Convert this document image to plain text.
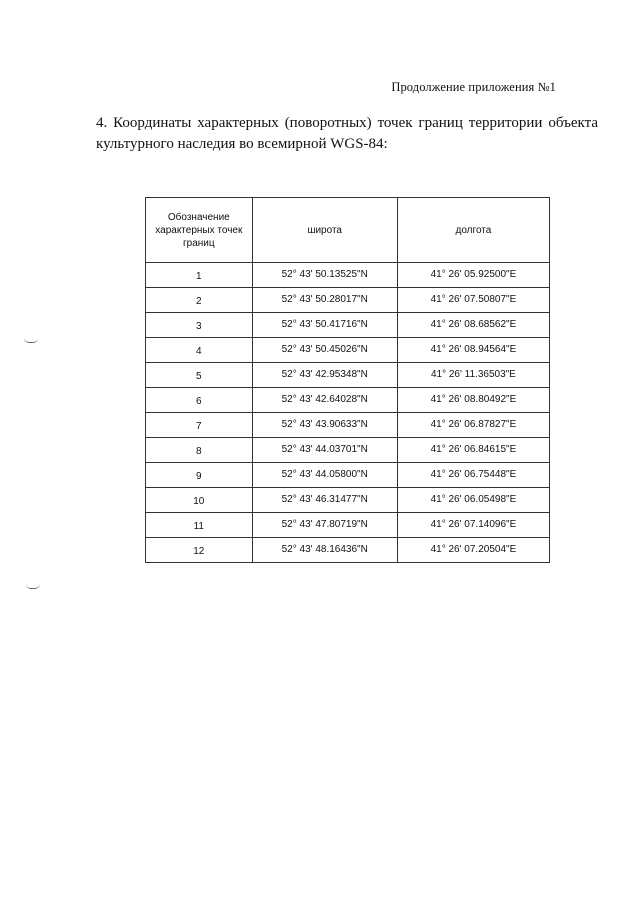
Продолжение приложения №1
4. Координаты характерных (поворотных) точек границ территории объекта культурного наследия во всемирной WGS-84:
Обозначение характерных точек границ	широта	долгота
1	52° 43' 50.13525"N	41° 26' 05.92500"E
2	52° 43' 50.28017"N	41° 26' 07.50807"E
3	52° 43' 50.41716"N	41° 26' 08.68562"E
4	52° 43' 50.45026"N	41° 26' 08.94564"E
5	52° 43' 42.95348"N	41° 26' 11.36503"E
6	52° 43' 42.64028"N	41° 26' 08.80492"E
7	52° 43' 43.90633"N	41° 26' 06.87827"E
8	52° 43' 44.03701"N	41° 26' 06.84615"E
9	52° 43' 44.05800"N	41° 26' 06.75448"E
10	52° 43' 46.31477"N	41° 26' 06.05498"E
11	52° 43' 47.80719"N	41° 26' 07.14096"E
12	52° 43' 48.16436"N	41° 26' 07.20504"E
